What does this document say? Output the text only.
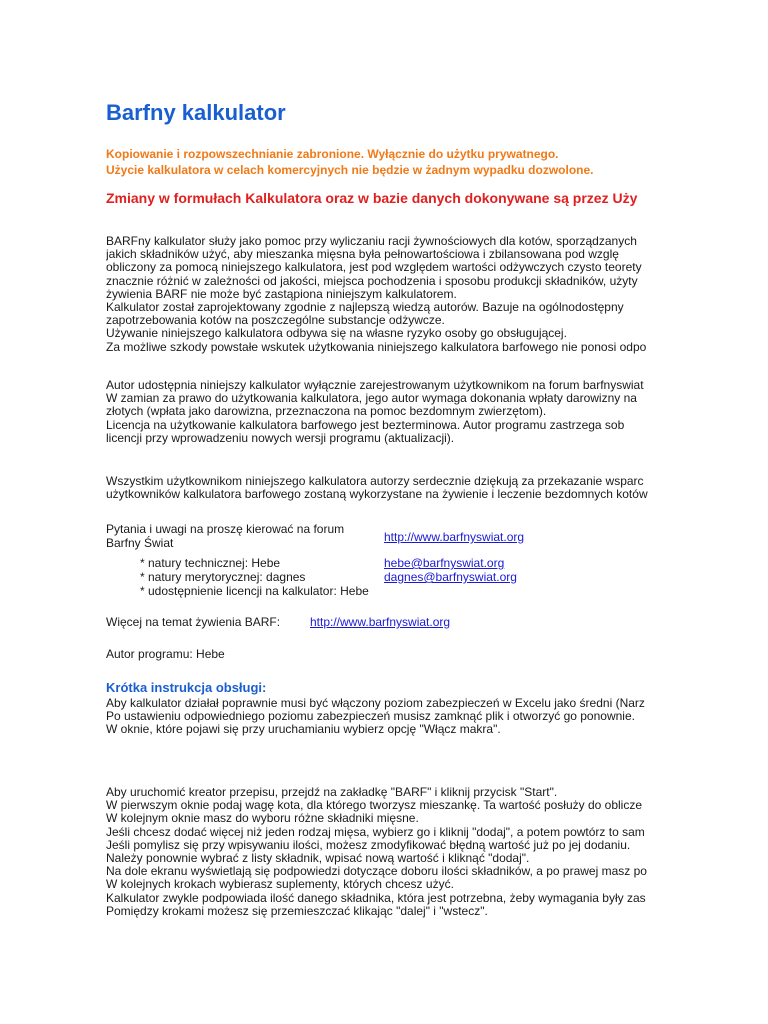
Barfny kalkulator
Kopiowanie i rozpowszechnianie zabronione. Wyłącznie do użytku prywatnego.
Użycie kalkulatora w celach komercyjnych nie będzie w żadnym wypadku dozwolone.
Zmiany w formułach Kalkulatora oraz w bazie danych dokonywane są przez Uży
BARFny kalkulator służy jako pomoc przy wyliczaniu racji żywnościowych dla kotów, sporządzanych
jakich składników użyć, aby mieszanka mięsna była pełnowartościowa i zbilansowana pod wzglę
obliczony za pomocą niniejszego kalkulatora, jest pod względem wartości odżywczych czysto teorety
znacznie różnić w zależności od jakości, miejsca pochodzenia i sposobu produkcji składników, użyty
żywienia BARF nie może być zastąpiona niniejszym kalkulatorem.
Kalkulator został zaprojektowany zgodnie z najlepszą wiedzą autorów. Bazuje na ogólnodostępny
zapotrzebowania kotów na poszczególne substancje odżywcze.
Używanie niniejszego kalkulatora odbywa się na własne ryzyko osoby go obsługującej.
Za możliwe szkody powstałe wskutek użytkowania niniejszego kalkulatora barfowego nie ponosi odpo
Autor udostępnia niniejszy kalkulator wyłącznie zarejestrowanym użytkownikom na forum barfnyswiat
W zamian za prawo do użytkowania kalkulatora, jego autor wymaga dokonania wpłaty darowizny na
złotych (wpłata jako darowizna, przeznaczona na pomoc bezdomnym zwierzętom).
Licencja na użytkowanie kalkulatora barfowego jest bezterminowa. Autor programu zastrzega sob
licencji przy wprowadzeniu nowych wersji programu (aktualizacji).
Wszystkim użytkownikom niniejszego kalkulatora autorzy serdecznie dziękują za przekazanie wsparc
użytkowników kalkulatora barfowego zostaną wykorzystane na żywienie i leczenie bezdomnych kotów
Pytania i uwagi na proszę kierować na forum
Barfny Świat	http://www.barfnyswiat.org
* natury technicznej: Hebe	hebe@barfnyswiat.org
* natury merytorycznej: dagnes	dagnes@barfnyswiat.org
* udostępnienie licencji na kalkulator: Hebe
Więcej na temat żywienia BARF: http://www.barfnyswiat.org
Autor programu: Hebe
Krótka instrukcja obsługi:
Aby kalkulator działał poprawnie musi być włączony poziom zabezpieczeń w Excelu jako średni (Narz
Po ustawieniu odpowiedniego poziomu zabezpieczeń musisz zamknąć plik i otworzyć go ponownie.
W oknie, które pojawi się przy uruchamianiu wybierz opcję "Włącz makra".
Aby uruchomić kreator przepisu, przejdź na zakładkę "BARF" i kliknij przycisk "Start".
W pierwszym oknie podaj wagę kota, dla którego tworzysz mieszankę. Ta wartość posłuży do oblicze
W kolejnym oknie masz do wyboru różne składniki mięsne.
Jeśli chcesz dodać więcej niż jeden rodzaj mięsa, wybierz go i kliknij "dodaj", a potem powtórz to sam
Jeśli pomylisz się przy wpisywaniu ilości, możesz zmodyfikować błędną wartość już po jej dodaniu.
Należy ponownie wybrać z listy składnik, wpisać nową wartość i kliknąć "dodaj".
Na dole ekranu wyświetlają się podpowiedzi dotyczące doboru ilości składników, a po prawej masz po
W kolejnych krokach wybierasz suplementy, których chcesz użyć.
Kalkulator zwykle podpowiada ilość danego składnika, która jest potrzebna, żeby wymagania były zas
Pomiędzy krokami możesz się przemieszczać klikając "dalej" i "wstecz".
